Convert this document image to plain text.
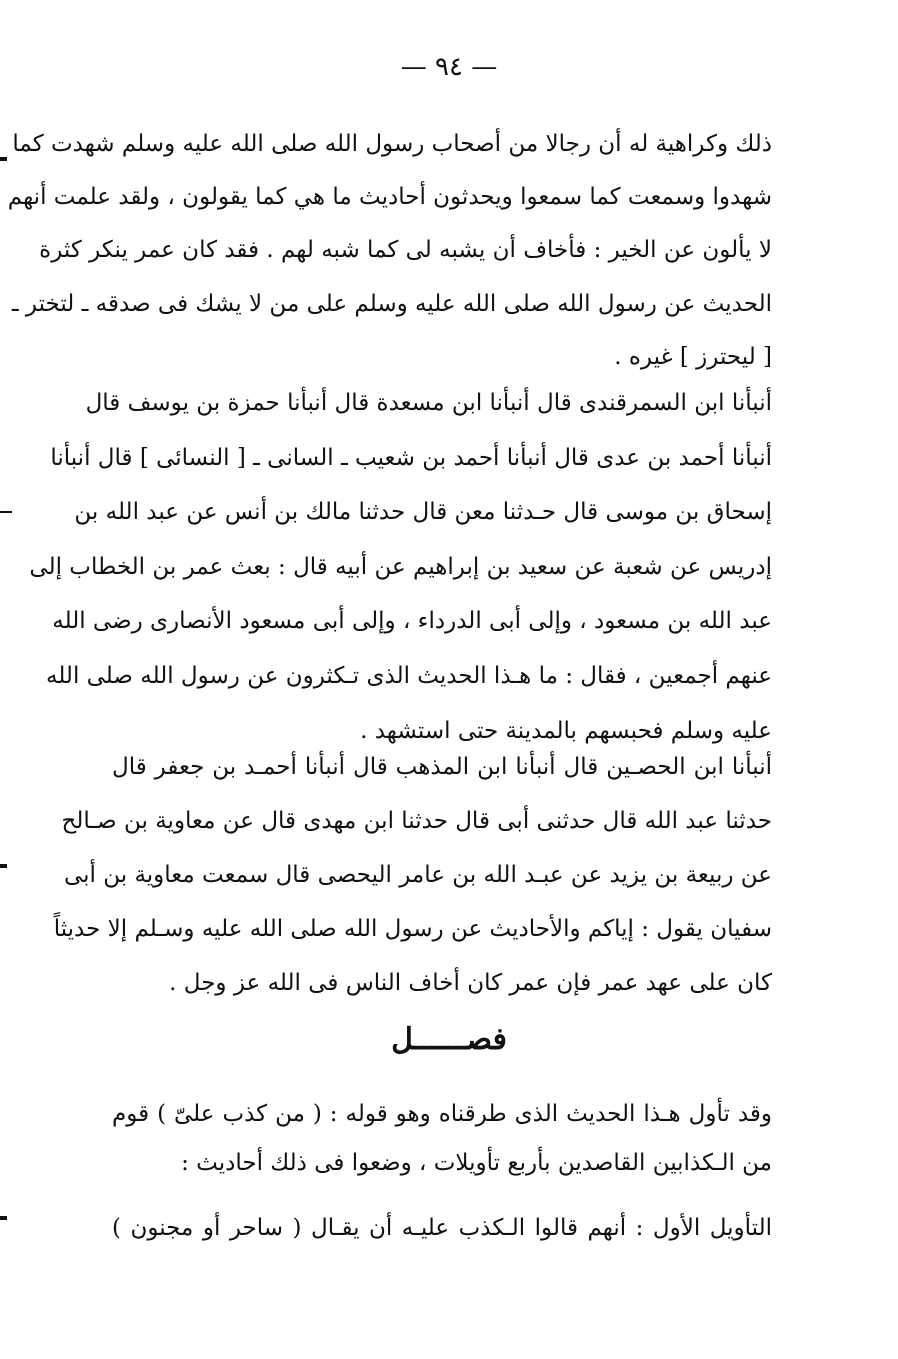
— ٩٤ —
ذلك وكراهية له أن رجالا من أصحاب رسول الله صلى الله عليه وسلم شهدت كما
شهدوا وسمعت كما سمعوا ويحدثون أحاديث ما هي كما يقولون ، ولقد علمت أنهم
لا يألون عن الخير : فأخاف أن يشبه لى كما شبه لهم . فقد كان عمر ينكر كثرة
الحديث عن رسول الله صلى الله عليه وسلم على من لا يشك فى صدقه ـ لتختر ـ
[ ليحترز ] غيره .
أنبأنا ابن السمرقندى قال أنبأنا ابن مسعدة قال أنبأنا حمزة بن يوسف قال
أنبأنا أحمد بن عدى قال أنبأنا أحمد بن شعيب ـ السانى ـ [ النسائى ] قال أنبأنا
إسحاق بن موسى قال حـدثنا معن قال حدثنا مالك بن أنس عن عبد الله بن
إدريس عن شعبة عن سعيد بن إبراهيم عن أبيه قال : بعث عمر بن الخطاب إلى
عبد الله بن مسعود ، وإلى أبى الدرداء ، وإلى أبى مسعود الأنصارى رضى الله
عنهم أجمعين ، فقال : ما هـذا الحديث الذى تـكثرون عن رسول الله صلى الله
عليه وسلم فحبسهم بالمدينة حتى استشهد .
أنبأنا ابن الحصـين قال أنبأنا ابن المذهب قال أنبأنا أحمـد بن جعفر قال
حدثنا عبد الله قال حدثنى أبى قال حدثنا ابن مهدى قال عن معاوية بن صـالح
عن ربيعة بن يزيد عن عبـد الله بن عامر اليحصى قال سمعت معاوية بن أبى
سفيان يقول : إياكم والأحاديث عن رسول الله صلى الله عليه وسـلم إلا حديثاً
كان على عهد عمر فإن عمر كان أخاف الناس فى الله عز وجل .
فصــــــل
وقد تأول هـذا الحديث الذى طرقناه وهو قوله : ( من كذب علىّ ) قوم
من الـكذابين القاصدين بأربع تأويلات ، وضعوا فى ذلك أحاديث :
التأويل الأول : أنهم قالوا الـكذب عليـه أن يقـال ( ساحر أو مجنون )
